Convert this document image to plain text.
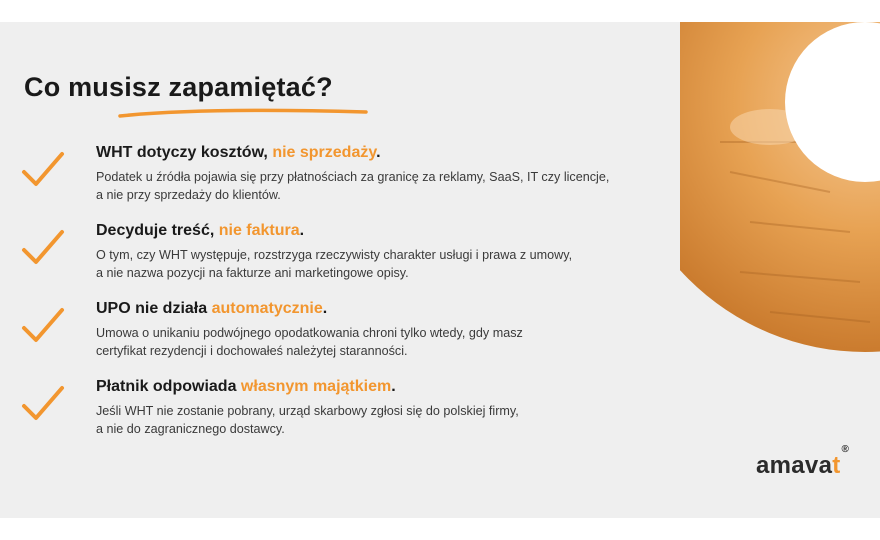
Co musisz zapamiętać?
WHT dotyczy kosztów, nie sprzedaży.
Podatek u źródła pojawia się przy płatnościach za granicę za reklamy, SaaS, IT czy licencje,
a nie przy sprzedaży do klientów.
Decyduje treść, nie faktura.
O tym, czy WHT występuje, rozstrzyga rzeczywisty charakter usługi i prawa z umowy,
a nie nazwa pozycji na fakturze ani marketingowe opisy.
UPO nie działa automatycznie.
Umowa o unikaniu podwójnego opodatkowania chroni tylko wtedy, gdy masz
certyfikat rezydencji i dochowałeś należytej staranności.
Płatnik odpowiada własnym majątkiem.
Jeśli WHT nie zostanie pobrany, urząd skarbowy zgłosi się do polskiej firmy,
a nie do zagranicznego dostawcy.
amavat®
